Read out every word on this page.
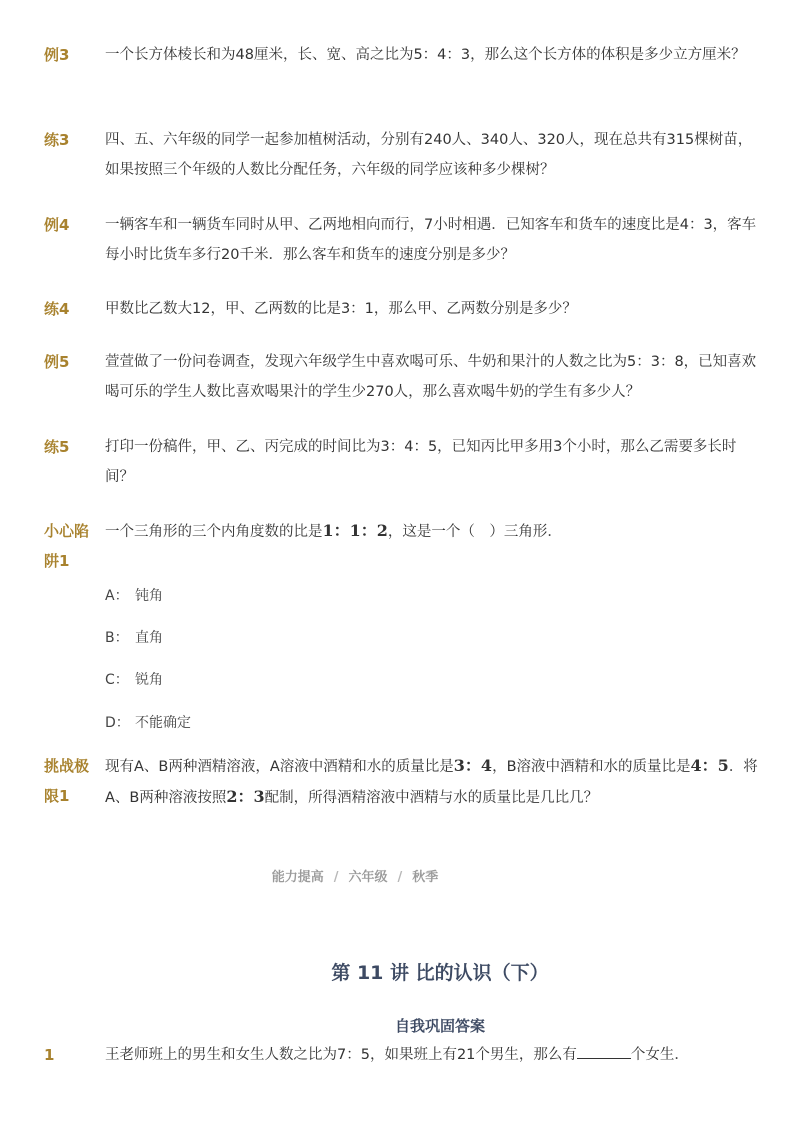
例3	一个长方体棱长和为48厘米，长、宽、高之比为5：4：3，那么这个长方体的体积是多少立方厘米？
练3	四、五、六年级的同学一起参加植树活动，分别有240人、340人、320人，现在总共有315棵树苗，如果按照三个年级的人数比分配任务，六年级的同学应该种多少棵树？
例4	一辆客车和一辆货车同时从甲、乙两地相向而行，7小时相遇．已知客车和货车的速度比是4：3，客车每小时比货车多行20千米．那么客车和货车的速度分别是多少？
练4	甲数比乙数大12，甲、乙两数的比是3：1，那么甲、乙两数分别是多少？
例5	萱萱做了一份问卷调查，发现六年级学生中喜欢喝可乐、牛奶和果汁的人数之比为5：3：8，已知喜欢喝可乐的学生人数比喜欢喝果汁的学生少270人，那么喜欢喝牛奶的学生有多少人？
练5	打印一份稿件，甲、乙、丙完成的时间比为3：4：5，已知丙比甲多用3个小时，那么乙需要多长时间？
小心陷阱1
一个三角形的三个内角度数的比是1：1：2，这是一个（　）三角形．
A： 钝角
B： 直角
C： 锐角
D： 不能确定
挑战极限1
现有A、B两种酒精溶液，A溶液中酒精和水的质量比是3：4，B溶液中酒精和水的质量比是4：5．将A、B两种溶液按照2：3配制，所得酒精溶液中酒精与水的质量比是几比几？
能力提高 / 六年级 / 秋季
第 11 讲 比的认识（下）
自我巩固答案
1	王老师班上的男生和女生人数之比为7：5，如果班上有21个男生，那么有	个女生．
